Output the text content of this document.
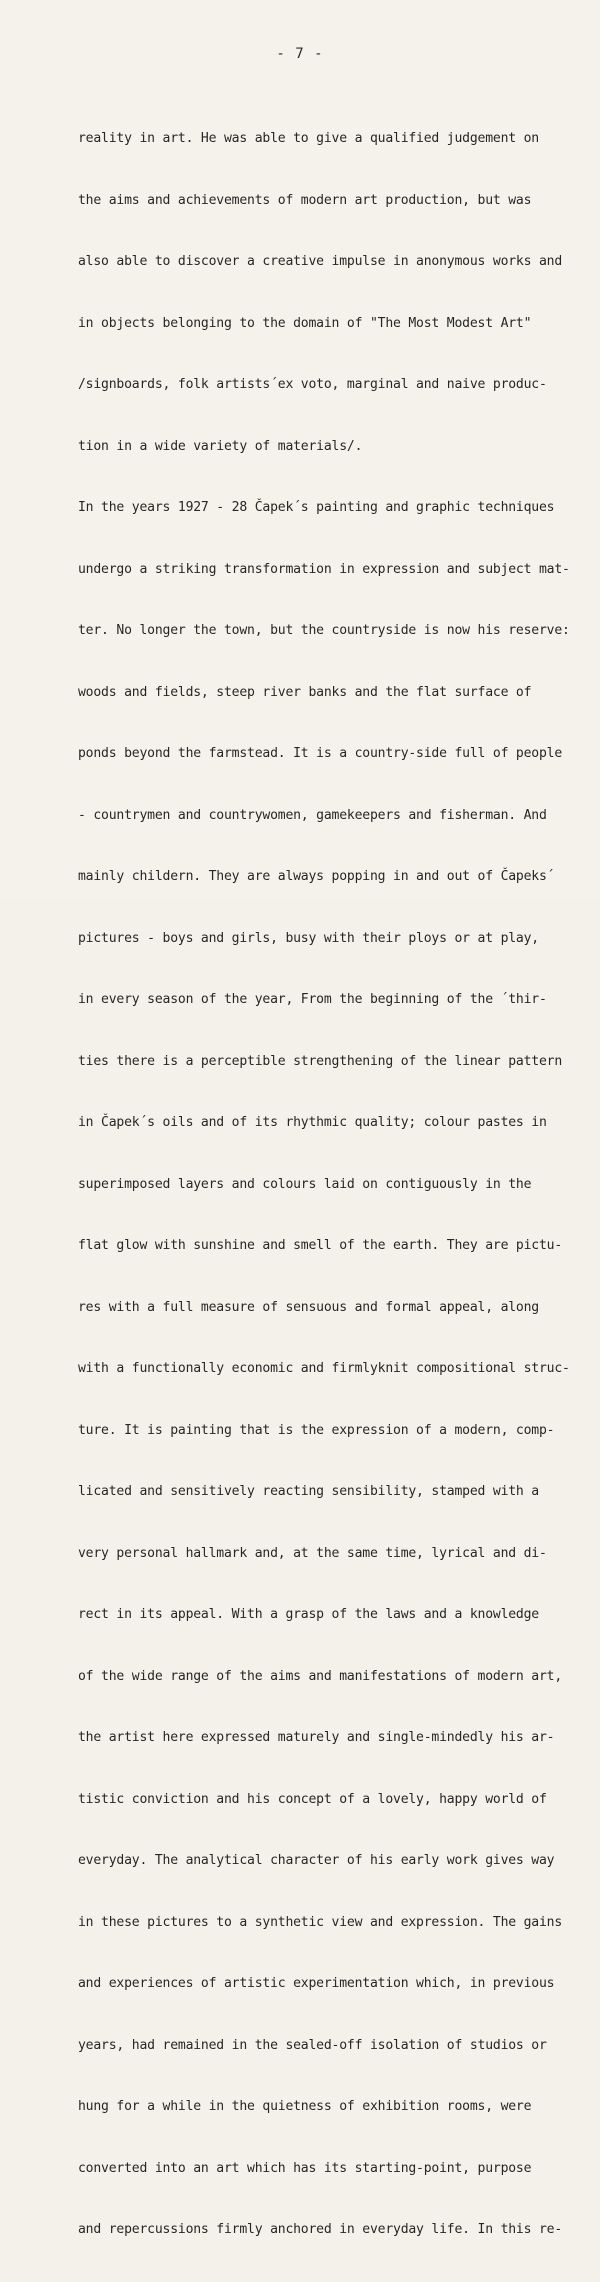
- 7 -

reality in art. He was able to give a qualified judgement on

the aims and achievements of modern art production, but was

also able to discover a creative impulse in anonymous works and

in objects belonging to the domain of "The Most Modest Art"

/signboards, folk artists´ex voto, marginal and naive produc-

tion in a wide variety of materials/.

In the years 1927 - 28 Čapek´s painting and graphic techniques

undergo a striking transformation in expression and subject mat-

ter. No longer the town, but the countryside is now his reserve:

woods and fields, steep river banks and the flat surface of

ponds beyond the farmstead. It is a country-side full of people

- countrymen and countrywomen, gamekeepers and fisherman. And

mainly childern. They are always popping in and out of Čapeks´

pictures - boys and girls, busy with their ploys or at play,

in every season of the year, From the beginning of the ´thir-

ties there is a perceptible strengthening of the linear pattern

in Čapek´s oils and of its rhythmic quality; colour pastes in

superimposed layers and colours laid on contiguously in the

flat glow with sunshine and smell of the earth. They are pictu-

res with a full measure of sensuous and formal appeal, along

with a functionally economic and firmlyknit compositional struc-

ture. It is painting that is the expression of a modern, comp-

licated and sensitively reacting sensibility, stamped with a

very personal hallmark and, at the same time, lyrical and di-

rect in its appeal. With a grasp of the laws and a knowledge

of the wide range of the aims and manifestations of modern art,

the artist here expressed maturely and single-mindedly his ar-

tistic conviction and his concept of a lovely, happy world of

everyday. The analytical character of his early work gives way

in these pictures to a synthetic view and expression. The gains

and experiences of artistic experimentation which, in previous

years, had remained in the sealed-off isolation of studios or

hung for a while in the quietness of exhibition rooms, were

converted into an art which has its starting-point, purpose

and repercussions firmly anchored in everyday life. In this re-
